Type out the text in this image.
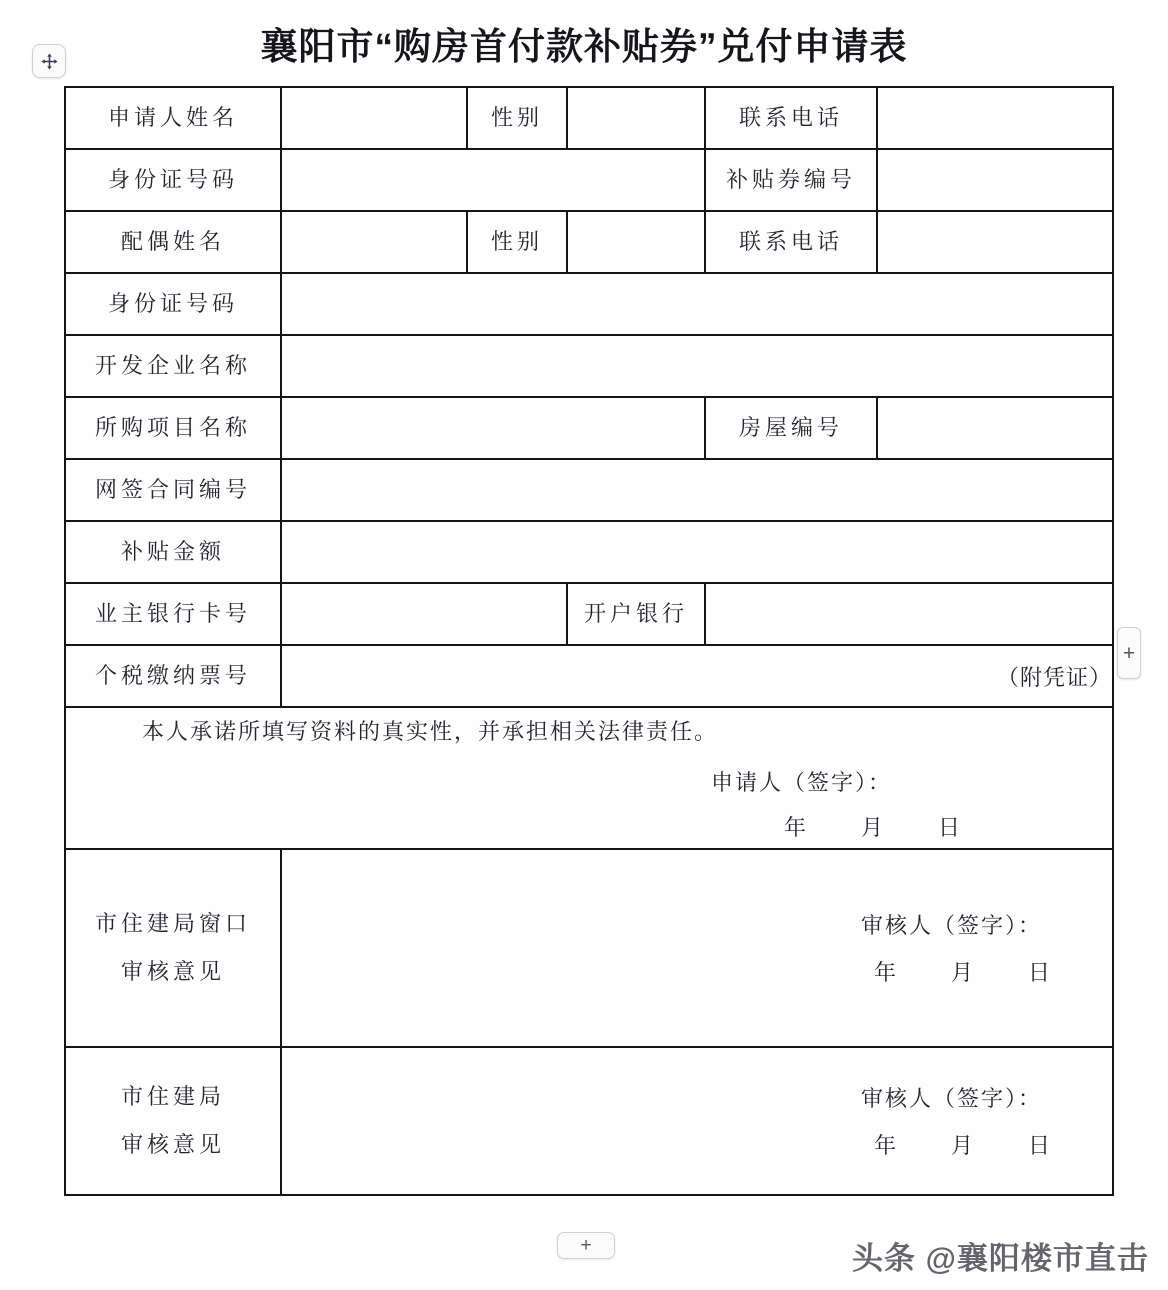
襄阳市“购房首付款补贴券”兑付申请表
申请人姓名		性别		联系电话	
身份证号码				补贴券编号	
配偶姓名		性别		联系电话	
身份证号码					
开发企业名称					
所购项目名称				房屋编号	
网签合同编号					
补贴金额					
业主银行卡号			开户银行		
个税缴纳票号	（附凭证）				

本人承诺所填写资料的真实性，并承担相关法律责任。
申请人（签字）：
年 月 日					

市住建局窗口
审核意见

审核人（签字）：
年 月 日

市住建局
审核意见

审核人（签字）：
年 月 日
+
+	头条 @襄阳楼市直击
